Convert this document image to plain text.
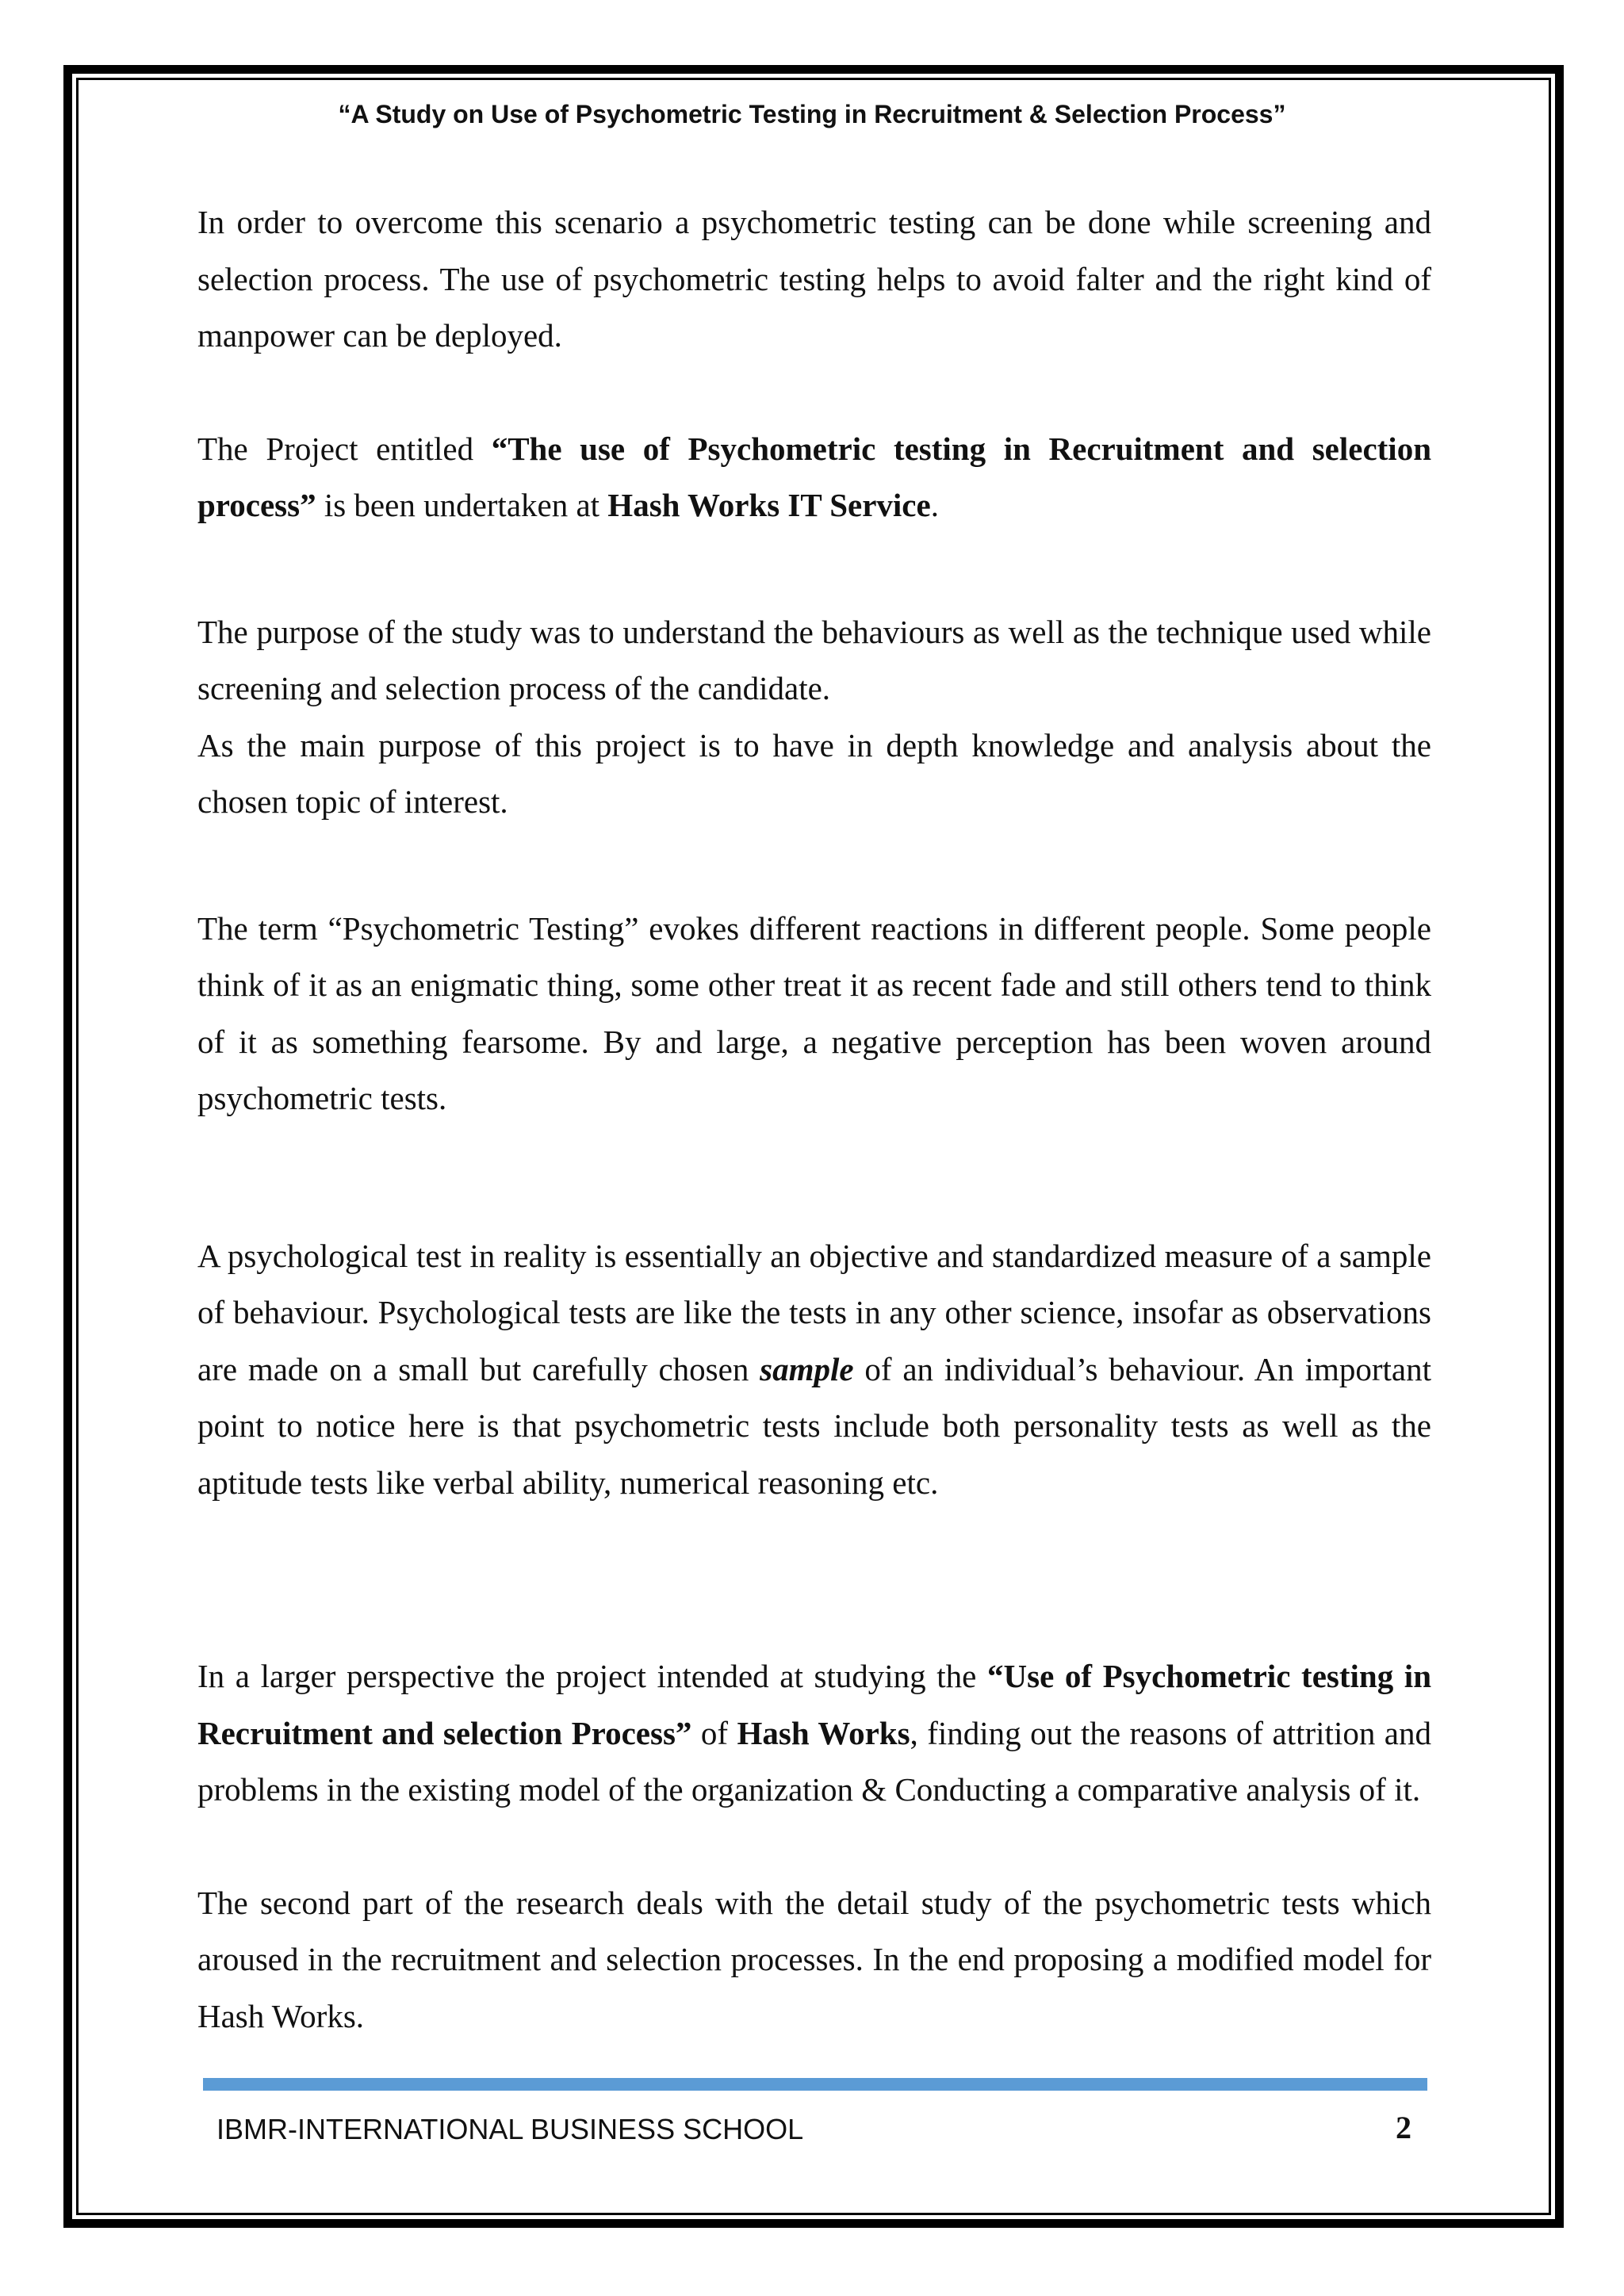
“A Study on Use of Psychometric Testing in Recruitment & Selection Process”

In order to overcome this scenario a psychometric testing can be done while screening and selection process. The use of psychometric testing helps to avoid falter and the right kind of manpower can be deployed.

The Project entitled “The use of Psychometric testing in Recruitment and selection process” is been undertaken at Hash Works IT Service.

The purpose of the study was to understand the behaviours as well as the technique used while screening and selection process of the candidate.

As the main purpose of this project is to have in depth knowledge and analysis about the chosen topic of interest.

The term “Psychometric Testing” evokes different reactions in different people. Some people think of it as an enigmatic thing, some other treat it as recent fade and still others tend to think of it as something fearsome. By and large, a negative perception has been woven around psychometric tests.

A psychological test in reality is essentially an objective and standardized measure of a sample of behaviour. Psychological tests are like the tests in any other science, insofar as observations are made on a small but carefully chosen sample of an individual’s behaviour. An important point to notice here is that psychometric tests include both personality tests as well as the aptitude tests like verbal ability, numerical reasoning etc.

In a larger perspective the project intended at studying the “Use of Psychometric testing in Recruitment and selection Process” of Hash Works, finding out the reasons of attrition and problems in the existing model of the organization & Conducting a comparative analysis of it.

The second part of the research deals with the detail study of the psychometric tests which aroused in the recruitment and selection processes. In the end proposing a modified model for Hash Works.

IBMR-INTERNATIONAL BUSINESS SCHOOL	2
